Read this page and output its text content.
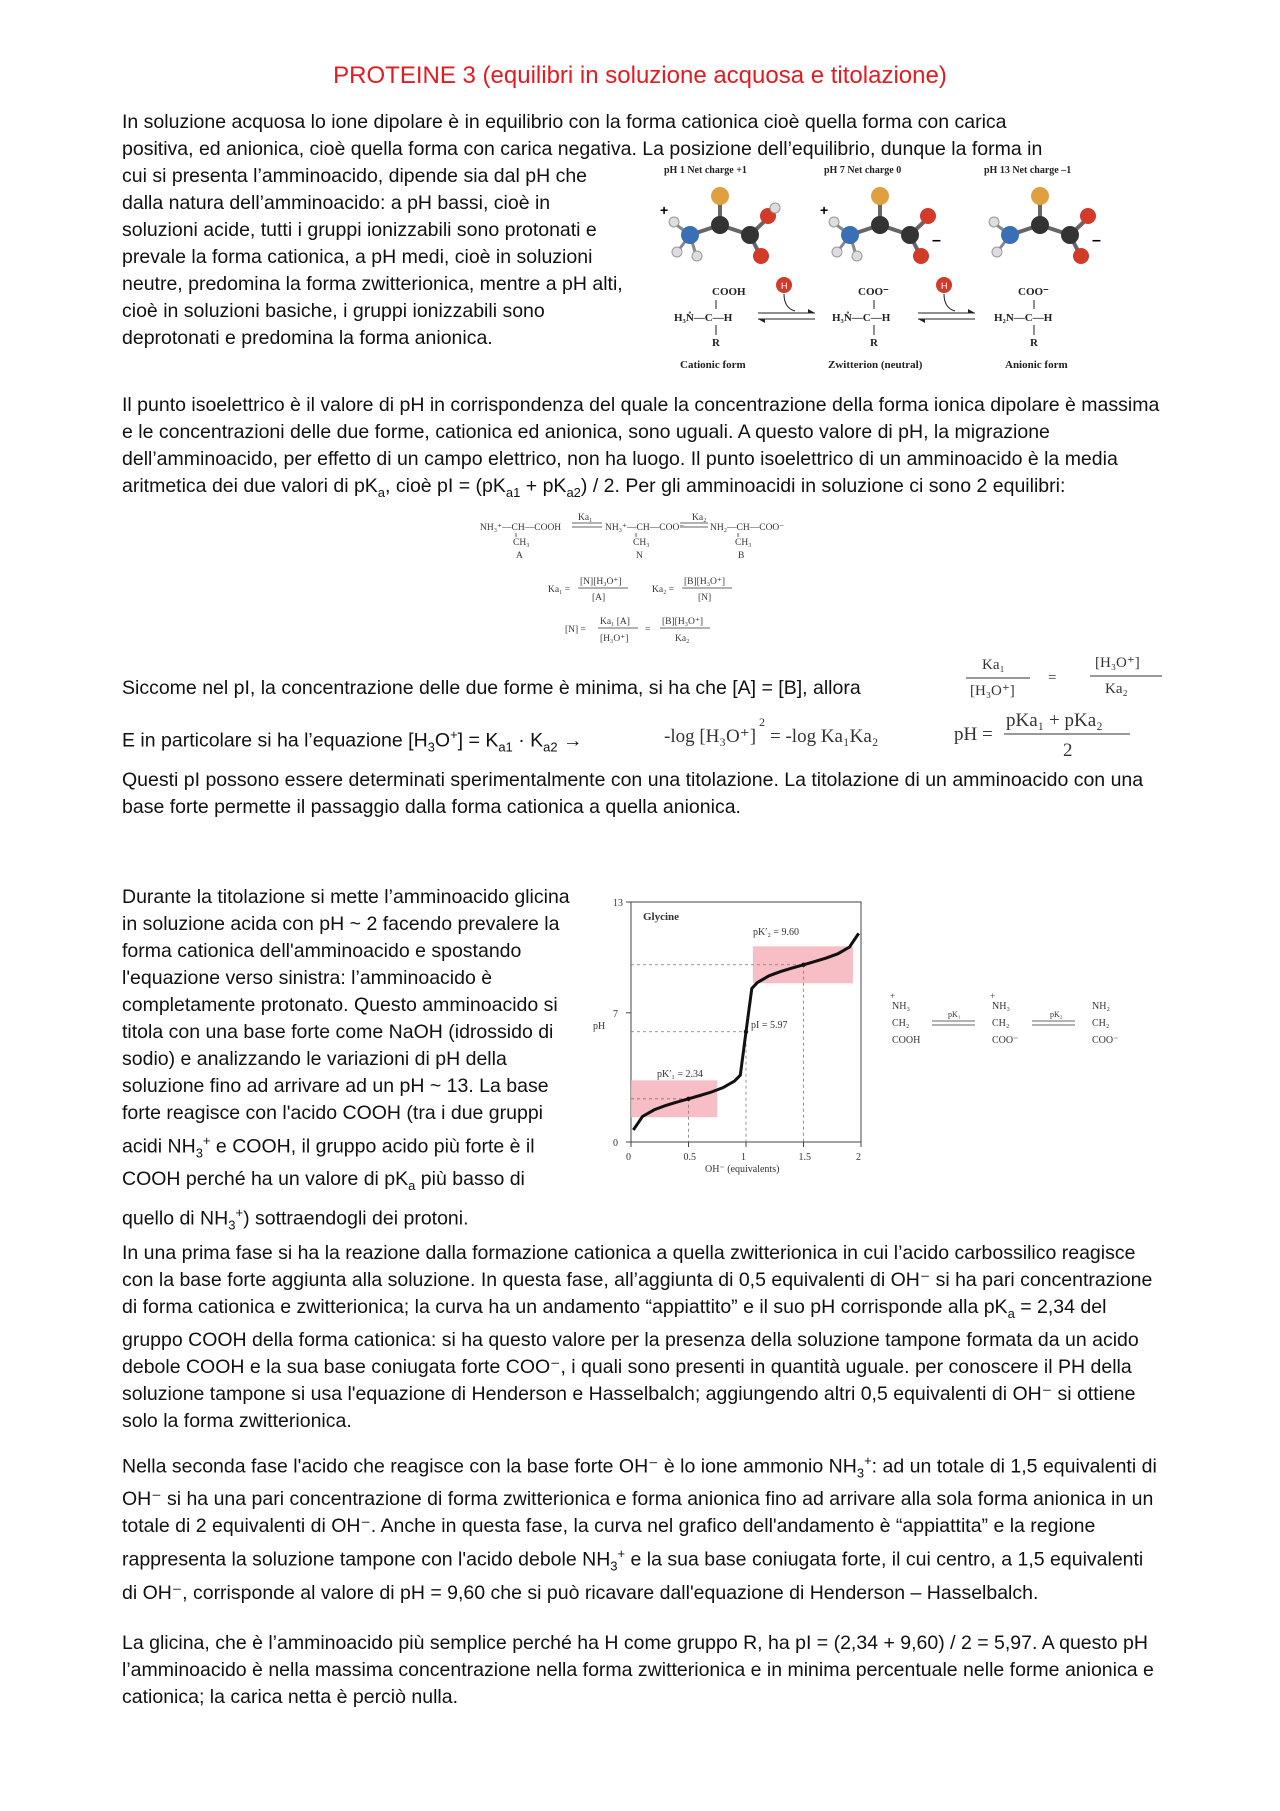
PROTEINE 3 (equilibri in soluzione acquosa e titolazione)

In soluzione acquosa lo ione dipolare è in equilibrio con la forma cationica cioè quella forma con carica

positiva, ed anionica, cioè quella forma con carica negativa. La posizione dell’equilibrio, dunque la forma in

cui si presenta l’amminoacido, dipende sia dal pH che dalla natura dell’amminoacido: a pH bassi, cioè in soluzioni acide, tutti i gruppi ionizzabili sono protonati e prevale la forma cationica, a pH medi, cioè in soluzioni neutre, predomina la forma zwitterionica, mentre a pH alti, cioè in soluzioni basiche, i gruppi ionizzabili sono deprotonati e predomina la forma anionica.

pH 1 Net charge +1	pH 7 Net charge 0	pH 13 Net charge –1
+	+
–	–
COOH	COO⁻	COO⁻
H₃N̊—C—H	H₃N̊—C—H	H₂N—C—H
R	R	R
Cationic form	Zwitterion (neutral)	Anionic form
H	H

Il punto isoelettrico è il valore di pH in corrispondenza del quale la concentrazione della forma ionica dipolare è massima e le concentrazioni delle due forme, cationica ed anionica, sono uguali. A questo valore di pH, la migrazione dell’amminoacido, per effetto di un campo elettrico, non ha luogo. Il punto isoelettrico di un amminoacido è la media aritmetica dei due valori di $pK_a$, cioè pI = $(pK_{a1} + pK_{a2}) / 2$. Per gli amminoacidi in soluzione ci sono 2 equilibri:

NH₃⁺—CH—COOH	NH₃⁺—CH—COO⁻	NH₂—CH—COO⁻
Ka₁	Ka₂
CH₃	CH₃	CH₃
A	N	B
Ka₁ =
[N][H₃O⁺]
[A]
Ka₂ =
[B][H₃O⁺]
[N]
[N] =
Ka₁ [A]
[H₃O⁺]
=
[B][H₃O⁺]
Ka₂

Siccome nel pI, la concentrazione delle due forme è minima, si ha che [A] = [B], allora

Ka₁
[H₃O⁺]
=
[H₃O⁺]
Ka₂

E in particolare si ha l’equazione $[H_3O^+] = K_{a1} \cdot K_{a2}$ →	-log [H₃O⁺]
2
= -log Ka₁Ka₂	pH =
pKa₁ + pKa₂
2

Questi pI possono essere determinati sperimentalmente con una titolazione. La titolazione di un amminoacido con una base forte permette il passaggio dalla forma cationica a quella anionica.

Durante la titolazione si mette l’amminoacido glicina in soluzione acida con pH ~ 2 facendo prevalere la forma cationica dell'amminoacido e spostando l'equazione verso sinistra: l’amminoacido è completamente protonato. Questo amminoacido si titola con una base forte come NaOH (idrossido di sodio) e analizzando le variazioni di pH della soluzione fino ad arrivare ad un pH ~ 13. La base forte reagisce con l'acido COOH (tra i due gruppi acidi $NH_3^+$ e COOH, il gruppo acido più forte è il COOH perché ha un valore di $pK_a$ più basso di quello di $NH_3^+$) sottraendogli dei protoni.

0	0.5	1	1.5	2
0
7
13
Glycine
pH
OH⁻ (equivalents)
pK′₂ = 9.60
pI = 5.97
pK′₁ = 2.34
NH₃
CH₂
COOH
NH₃
CH₂
COO⁻
NH₂
CH₂
COO⁻
pK₁	pK₂
+	+

In una prima fase si ha la reazione dalla formazione cationica a quella zwitterionica in cui l’acido carbossilico reagisce con la base forte aggiunta alla soluzione. In questa fase, all’aggiunta di 0,5 equivalenti di OH⁻ si ha pari concentrazione di forma cationica e zwitterionica; la curva ha un andamento “appiattito” e il suo pH corrisponde alla $pK_a = 2,34$ del gruppo COOH della forma cationica: si ha questo valore per la presenza della soluzione tampone formata da un acido debole COOH e la sua base coniugata forte COO⁻, i quali sono presenti in quantità uguale. per conoscere il PH della soluzione tampone si usa l'equazione di Henderson e Hasselbalch; aggiungendo altri 0,5 equivalenti di OH⁻ si ottiene solo la forma zwitterionica.

Nella seconda fase l'acido che reagisce con la base forte OH⁻ è lo ione ammonio $NH_3^+$: ad un totale di 1,5 equivalenti di OH⁻ si ha una pari concentrazione di forma zwitterionica e forma anionica fino ad arrivare alla sola forma anionica in un totale di 2 equivalenti di OH⁻. Anche in questa fase, la curva nel grafico dell'andamento è “appiattita” e la regione rappresenta la soluzione tampone con l'acido debole $NH_3^+$ e la sua base coniugata forte, il cui centro, a 1,5 equivalenti di OH⁻, corrisponde al valore di pH = 9,60 che si può ricavare dall'equazione di Henderson – Hasselbalch.

La glicina, che è l’amminoacido più semplice perché ha H come gruppo R, ha pI = (2,34 + 9,60) / 2 = 5,97. A questo pH l’amminoacido è nella massima concentrazione nella forma zwitterionica e in minima percentuale nelle forme anionica e cationica; la carica netta è perciò nulla.
